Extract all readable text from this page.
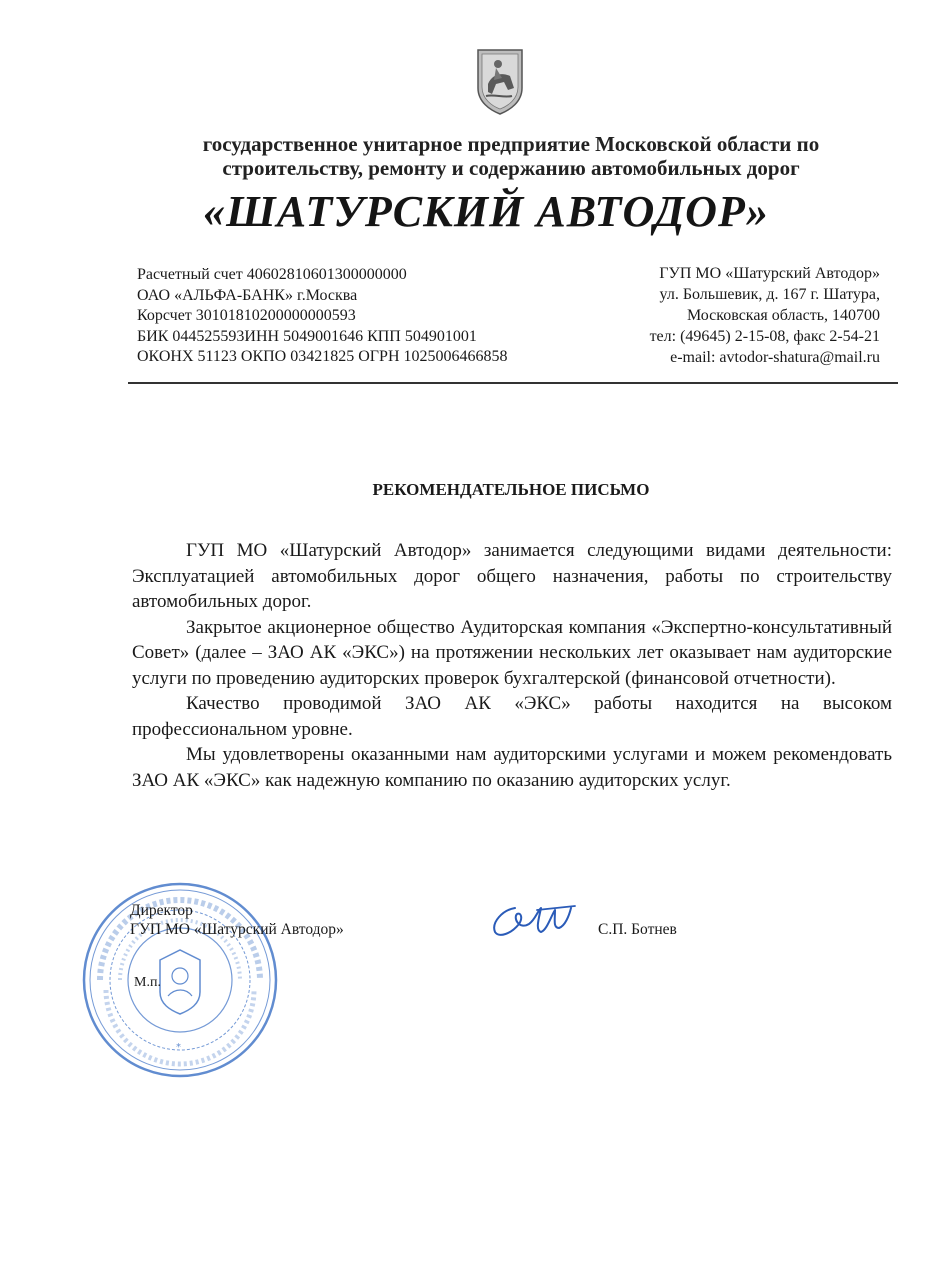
государственное унитарное предприятие Московской области по
строительству, ремонту и содержанию автомобильных дорог
«ШАТУРСКИЙ АВТОДОР»
Расчетный счет 40602810601300000000
ОАО «АЛЬФА-БАНК» г.Москва
Корсчет 30101810200000000593
БИК 044525593ИНН 5049001646 КПП 504901001
ОКОНХ 51123 ОКПО 03421825 ОГРН 1025006466858
ГУП МО «Шатурский Автодор»
ул. Большевик, д. 167 г. Шатура,
Московская область, 140700
тел: (49645) 2-15-08, факс 2-54-21
e-mail: avtodor-shatura@mail.ru
РЕКОМЕНДАТЕЛЬНОЕ ПИСЬМО

ГУП МО «Шатурский Автодор» занимается следующими видами деятельности: Эксплуатацией автомобильных дорог общего назначения, работы по строительству автомобильных дорог.

Закрытое акционерное общество Аудиторская компания «Экспертно-консультативный Совет» (далее – ЗАО АК «ЭКС») на протяжении нескольких лет оказывает нам аудиторские услуги по проведению аудиторских проверок бухгалтерской (финансовой отчетности).

Качество проводимой ЗАО АК «ЭКС» работы находится на высоком профессиональном уровне.

Мы удовлетворены оказанными нам аудиторскими услугами и можем рекомендовать ЗАО АК «ЭКС» как надежную компанию по оказанию аудиторских услуг.

*
Директор
ГУП МО «Шатурский Автодор»
М.п.
С.П. Ботнев
